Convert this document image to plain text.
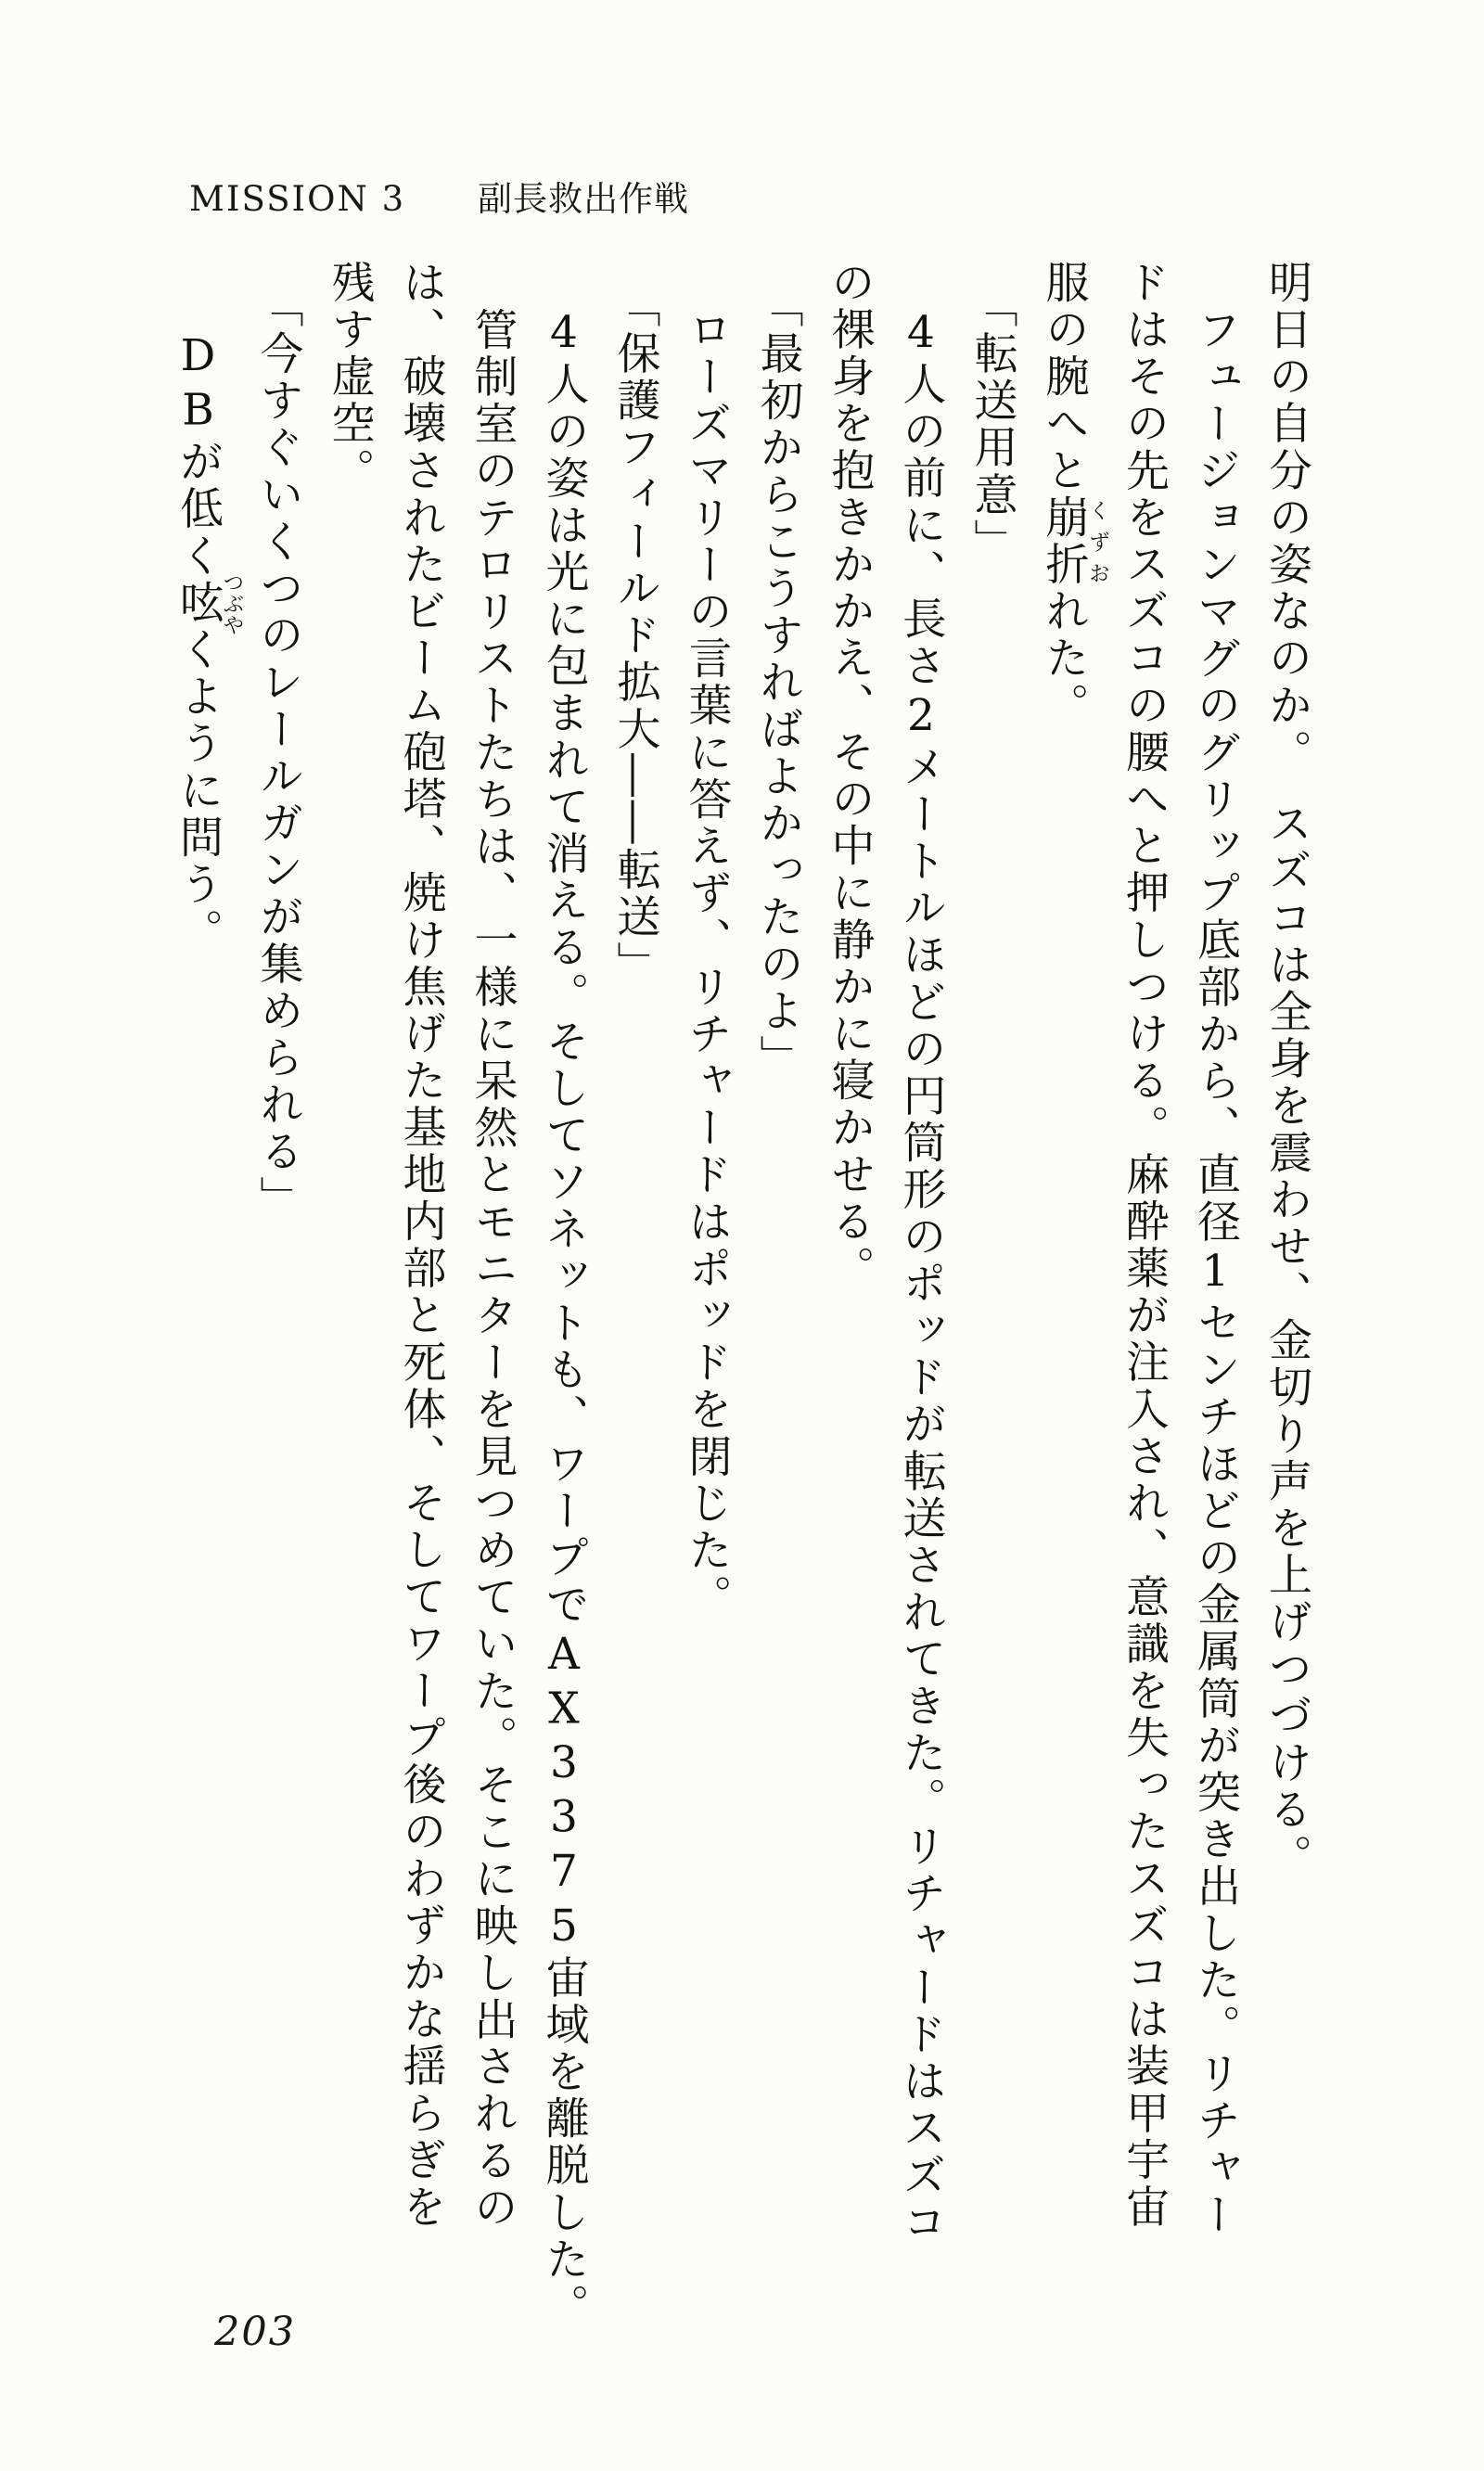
MISSION 3 副長救出作戦

明日の自分の姿なのか。　スズコは全身を震わせ、金切り声を上げつづける。

フュージョンマグのグリップ底部から、直径1センチほどの金属筒が突き出した。リチャー

ドはその先をスズコの腰へと押しつける。麻酔薬が注入され、意識を失ったスズコは装甲宇宙

服の腕へと崩折くずおれた。

「転送用意」

4人の前に、長さ2メートルほどの円筒形のポッドが転送されてきた。リチャードはスズコ

の裸身を抱きかかえ、その中に静かに寝かせる。

「最初からこうすればよかったのよ」

ローズマリーの言葉に答えず、リチャードはポッドを閉じた。

「保護フィールド拡大――転送」

4人の姿は光に包まれて消える。そしてソネットも、ワープでAX3375宙域を離脱した。

管制室のテロリストたちは、一様に呆然とモニターを見つめていた。そこに映し出されるの

は、破壊されたビーム砲塔、焼け焦げた基地内部と死体、そしてワープ後のわずかな揺らぎを

残す虚空。

「今すぐいくつのレールガンが集められる」

DBが低く呟つぶやくように問う。

203
